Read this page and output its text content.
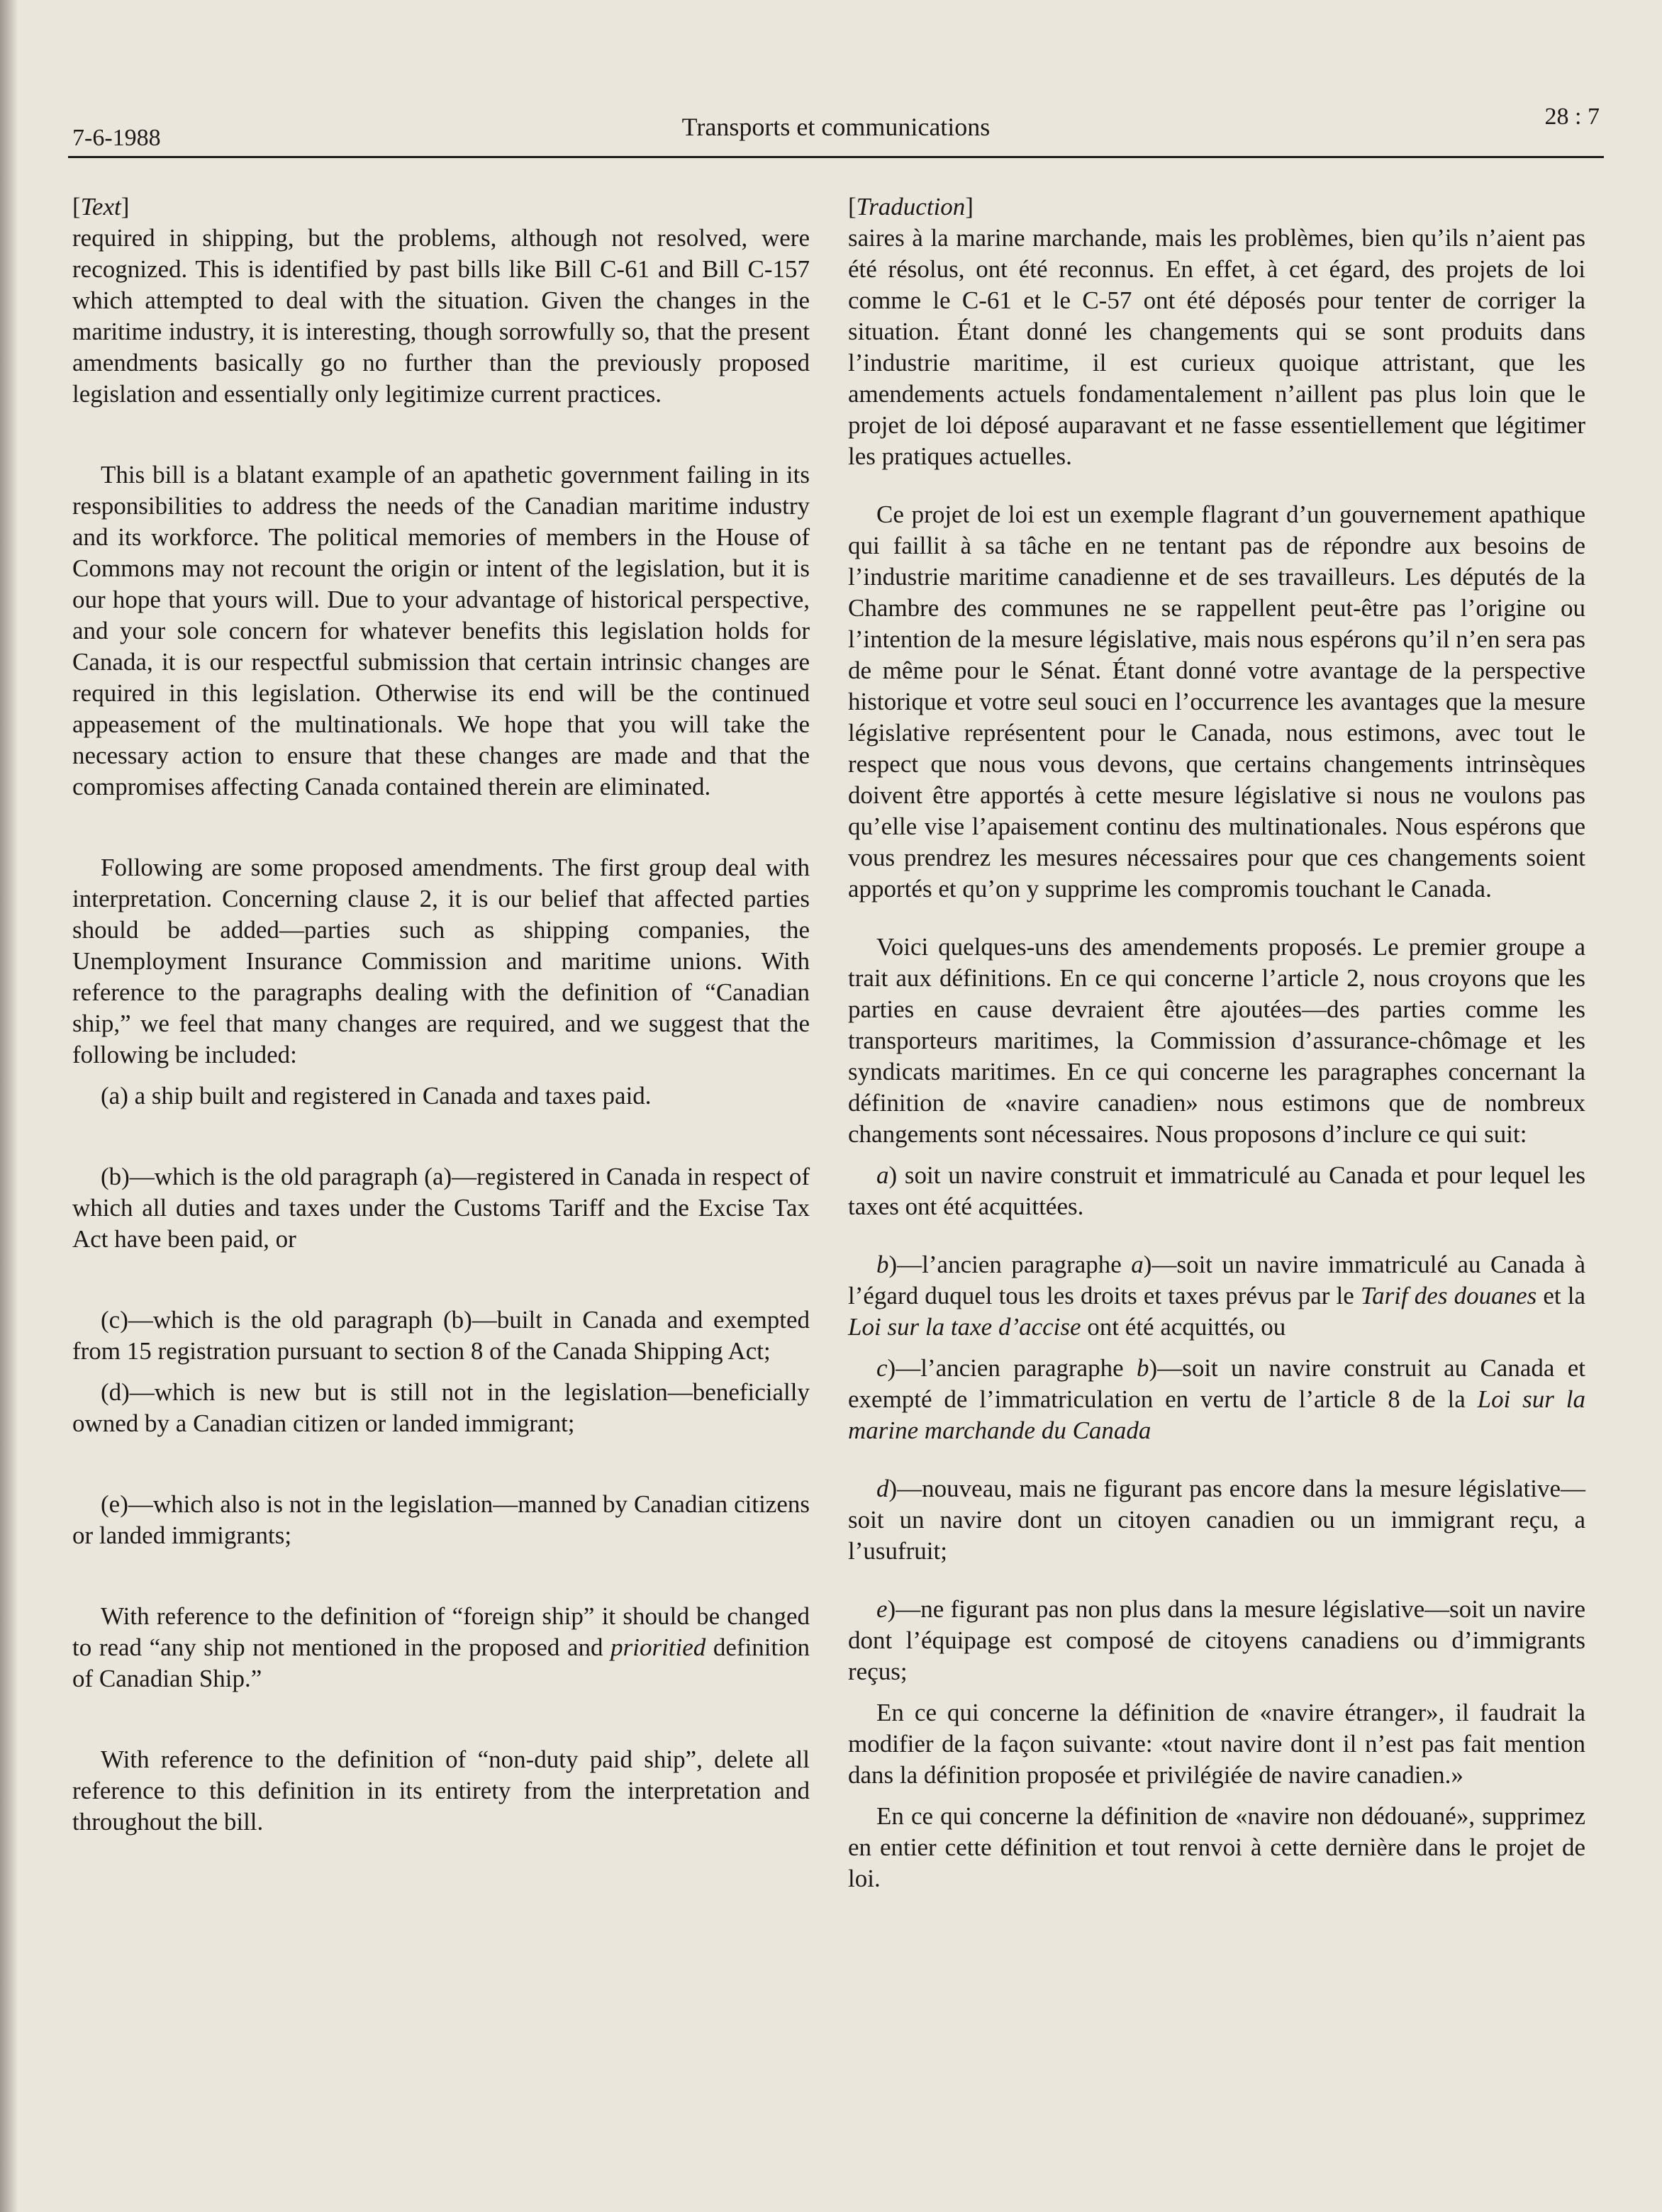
7-6-1988	Transports et communications	28 : 7

[Text]

required in shipping, but the problems, although not resolved, were recognized. This is identified by past bills like Bill C-61 and Bill C-157 which attempted to deal with the situation. Given the changes in the maritime industry, it is interesting, though sorrowfully so, that the present amendments basically go no further than the previously proposed legislation and essentially only legitimize current practices.

This bill is a blatant example of an apathetic government failing in its responsibilities to address the needs of the Canadian maritime industry and its workforce. The political memories of members in the House of Commons may not recount the origin or intent of the legislation, but it is our hope that yours will. Due to your advantage of historical perspective, and your sole concern for whatever benefits this legislation holds for Canada, it is our respectful submission that certain intrinsic changes are required in this legislation. Otherwise its end will be the continued appeasement of the multinationals. We hope that you will take the necessary action to ensure that these changes are made and that the compromises affecting Canada contained therein are eliminated.

Following are some proposed amendments. The first group deal with interpretation. Concerning clause 2, it is our belief that affected parties should be added—parties such as shipping companies, the Unemployment Insurance Commission and maritime unions. With reference to the paragraphs dealing with the definition of “Canadian ship,” we feel that many changes are required, and we suggest that the following be included:

(a) a ship built and registered in Canada and taxes paid.

(b)—which is the old paragraph (a)—registered in Canada in respect of which all duties and taxes under the Customs Tariff and the Excise Tax Act have been paid, or

(c)—which is the old paragraph (b)—built in Canada and exempted from 15 registration pursuant to section 8 of the Canada Shipping Act;

(d)—which is new but is still not in the legislation—beneficially owned by a Canadian citizen or landed immigrant;

(e)—which also is not in the legislation—manned by Canadian citizens or landed immigrants;

With reference to the definition of “foreign ship” it should be changed to read “any ship not mentioned in the proposed and prioritied definition of Canadian Ship.”

With reference to the definition of “non-duty paid ship”, delete all reference to this definition in its entirety from the interpretation and throughout the bill.

[Traduction]

saires à la marine marchande, mais les problèmes, bien qu’ils n’aient pas été résolus, ont été reconnus. En effet, à cet égard, des projets de loi comme le C-61 et le C-57 ont été déposés pour tenter de corriger la situation. Étant donné les changements qui se sont produits dans l’industrie maritime, il est curieux quoique attristant, que les amendements actuels fondamentalement n’aillent pas plus loin que le projet de loi déposé auparavant et ne fasse essentiellement que légitimer les pratiques actuelles.

Ce projet de loi est un exemple flagrant d’un gouvernement apathique qui faillit à sa tâche en ne tentant pas de répondre aux besoins de l’industrie maritime canadienne et de ses travailleurs. Les députés de la Chambre des communes ne se rappellent peut-être pas l’origine ou l’intention de la mesure législative, mais nous espérons qu’il n’en sera pas de même pour le Sénat. Étant donné votre avantage de la perspective historique et votre seul souci en l’occurrence les avantages que la mesure législative représentent pour le Canada, nous estimons, avec tout le respect que nous vous devons, que certains changements intrinsèques doivent être apportés à cette mesure législative si nous ne voulons pas qu’elle vise l’apaisement continu des multinationales. Nous espérons que vous prendrez les mesures nécessaires pour que ces changements soient apportés et qu’on y supprime les compromis touchant le Canada.

Voici quelques-uns des amendements proposés. Le premier groupe a trait aux définitions. En ce qui concerne l’article 2, nous croyons que les parties en cause devraient être ajoutées—des parties comme les transporteurs maritimes, la Commission d’assurance-chômage et les syndicats maritimes. En ce qui concerne les paragraphes concernant la définition de «navire canadien» nous estimons que de nombreux changements sont nécessaires. Nous proposons d’inclure ce qui suit:

a) soit un navire construit et immatriculé au Canada et pour lequel les taxes ont été acquittées.

b)—l’ancien paragraphe a)—soit un navire immatriculé au Canada à l’égard duquel tous les droits et taxes prévus par le Tarif des douanes et la Loi sur la taxe d’accise ont été acquittés, ou

c)—l’ancien paragraphe b)—soit un navire construit au Canada et exempté de l’immatriculation en vertu de l’article 8 de la Loi sur la marine marchande du Canada

d)—nouveau, mais ne figurant pas encore dans la mesure législative—soit un navire dont un citoyen canadien ou un immigrant reçu, a l’usufruit;

e)—ne figurant pas non plus dans la mesure législative—soit un navire dont l’équipage est composé de citoyens canadiens ou d’immigrants reçus;

En ce qui concerne la définition de «navire étranger», il faudrait la modifier de la façon suivante: «tout navire dont il n’est pas fait mention dans la définition proposée et privilégiée de navire canadien.»

En ce qui concerne la définition de «navire non dédouané», supprimez en entier cette définition et tout renvoi à cette dernière dans le projet de loi.
